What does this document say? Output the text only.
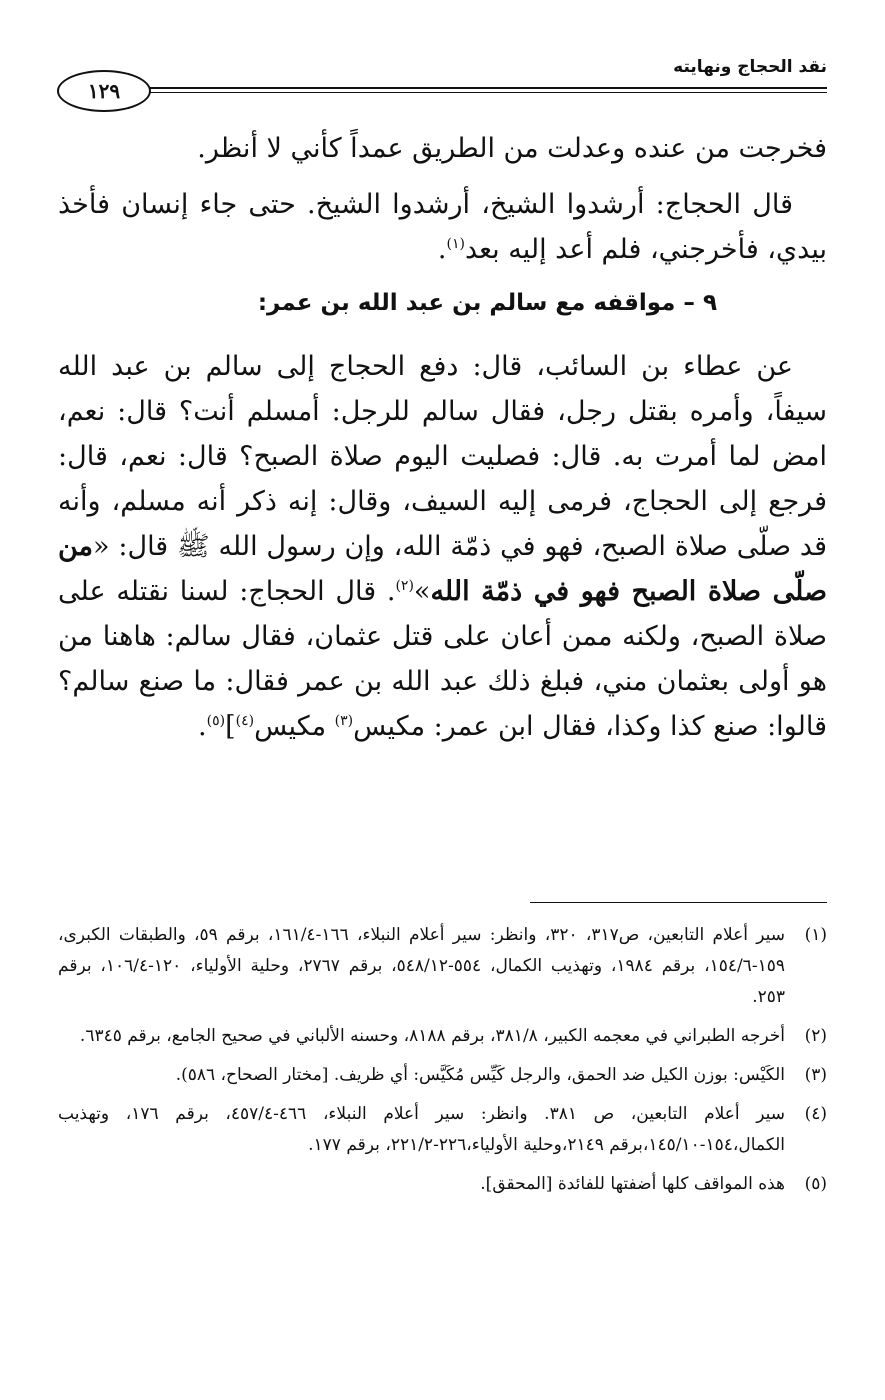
نقد الحجاج ونهايته
١٢٩

فخرجت من عنده وعدلت من الطريق عمداً كأني لا أنظر.

قال الحجاج: أرشدوا الشيخ، أرشدوا الشيخ. حتى جاء إنسان فأخذ بيدي، فأخرجني، فلم أعد إليه بعد$^{(١)}$.

٩ – مواقفه مع سالم بن عبد الله بن عمر:

عن عطاء بن السائب، قال: دفع الحجاج إلى سالم بن عبد الله سيفاً، وأمره بقتل رجل، فقال سالم للرجل: أمسلم أنت؟ قال: نعم، امض لما أمرت به. قال: فصليت اليوم صلاة الصبح؟ قال: نعم، قال: فرجع إلى الحجاج، فرمى إليه السيف، وقال: إنه ذكر أنه مسلم، وأنه قد صلّى صلاة الصبح، فهو في ذمّة الله، وإن رسول الله ﷺ قال: «من صلّى صلاة الصبح فهو في ذمّة الله»$^{(٢)}$. قال الحجاج: لسنا نقتله على صلاة الصبح، ولكنه ممن أعان على قتل عثمان، فقال سالم: هاهنا من هو أولى بعثمان مني، فبلغ ذلك عبد الله بن عمر فقال: ما صنع سالم؟ قالوا: صنع كذا وكذا، فقال ابن عمر: مكيس$^{(٣)}$ مكيس$^{(٤)}$]$^{(٥)}$.

(١)
سير أعلام التابعين، ص٣١٧، ٣٢٠، وانظر: سير أعلام النبلاء، ١٦٦-١٦١/٤، برقم ٥٩، والطبقات الكبرى، ١٥٩-١٥٤/٦، برقم ١٩٨٤، وتهذيب الكمال، ٥٥٤-٥٤٨/١٢، برقم ٢٧٦٧، وحلية الأولياء، ١٢٠-١٠٦/٤، برقم ٢٥٣.
(٢)
أخرجه الطبراني في معجمه الكبير، ٣٨١/٨، برقم ٨١٨٨، وحسنه الألباني في صحيح الجامع، برقم ٦٣٤٥.
(٣)
الكَيْس: بوزن الكيل ضد الحمق، والرجل كَيِّس مُكَيَّس: أي ظريف. [مختار الصحاح، ٥٨٦).
(٤)
سير أعلام التابعين، ص ٣٨١. وانظر: سير أعلام النبلاء، ٤٦٦-٤٥٧/٤، برقم ١٧٦، وتهذيب الكمال،١٥٤-١٤٥/١٠،برقم ٢١٤٩،وحلية الأولياء،٢٢٦-٢٢١/٢، برقم ١٧٧.
(٥)
هذه المواقف كلها أضفتها للفائدة [المحقق].
